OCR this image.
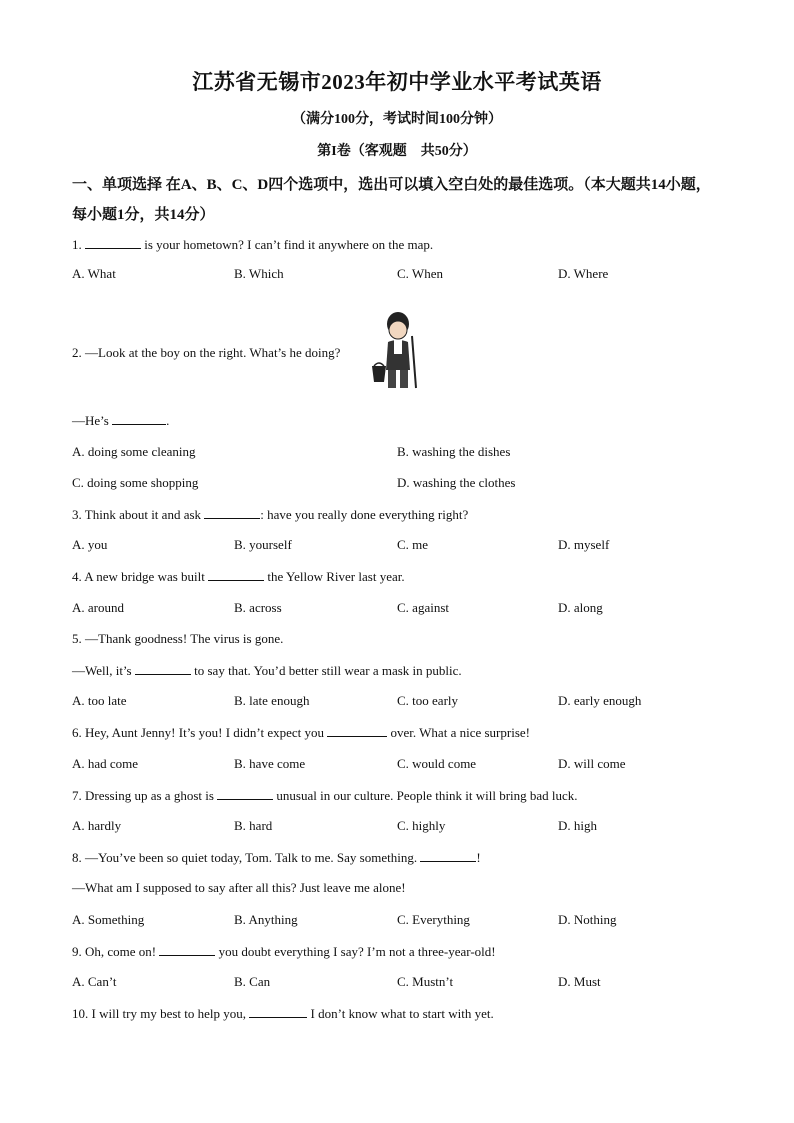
江苏省无锡市2023年初中学业水平考试英语
（满分100分，考试时间100分钟）
第I卷（客观题　共50分）
一、单项选择 在A、B、C、D四个选项中，选出可以填入空白处的最佳选项。（本大题共14小题，每小题1分，共14分）
1.	is your hometown? I can’t find it anywhere on the map.
A. What	B. Which	C. When	D. Where
2. —Look at the boy on the right. What’s he doing?
—He’s	.
A. doing some cleaning	B. washing the dishes
C. doing some shopping	D. washing the clothes
3. Think about it and ask	: have you really done everything right?
A. you	B. yourself	C. me	D. myself
4. A new bridge was built	the Yellow River last year.
A. around	B. across	C. against	D. along
5. —Thank goodness! The virus is gone.
—Well, it’s	to say that. You’d better still wear a mask in public.
A. too late	B. late enough	C. too early	D. early enough
6. Hey, Aunt Jenny! It’s you! I didn’t expect you	over. What a nice surprise!
A. had come	B. have come	C. would come	D. will come
7. Dressing up as a ghost is	unusual in our culture. People think it will bring bad luck.
A. hardly	B. hard	C. highly	D. high
8. —You’ve been so quiet today, Tom. Talk to me. Say something.	!
—What am I supposed to say after all this? Just leave me alone!
A. Something	B. Anything	C. Everything	D. Nothing
9. Oh, come on!	you doubt everything I say? I’m not a three-year-old!
A. Can’t	B. Can	C. Mustn’t	D. Must
10. I will try my best to help you,	I don’t know what to start with yet.
